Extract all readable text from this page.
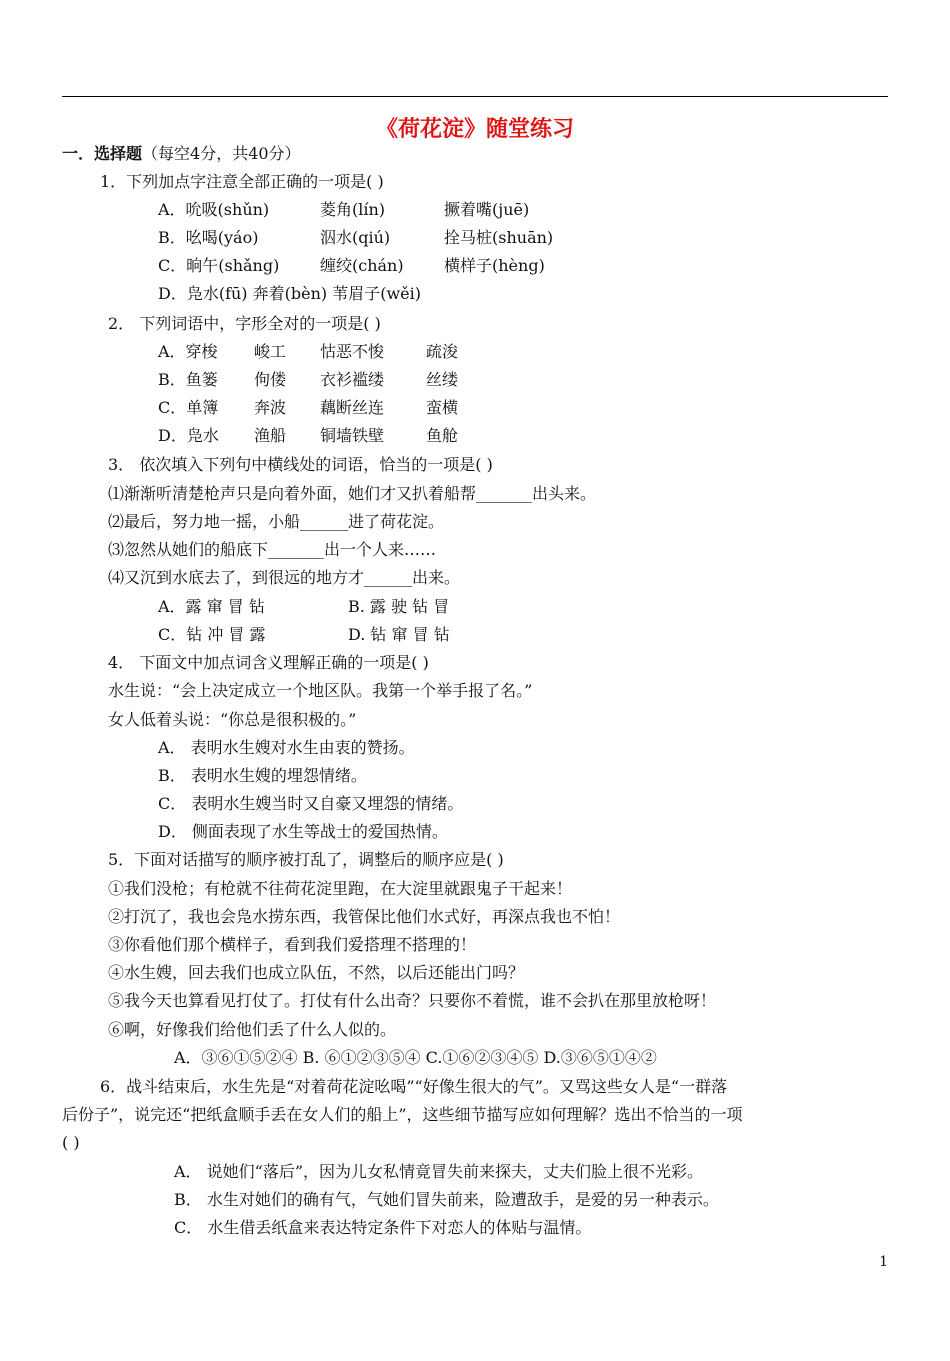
《荷花淀》随堂练习
一．选择题（每空4分，共40分）
1．下列加点字注意全部正确的一项是( )
A．吮吸(shǔn)	菱角(lín)	撅着嘴(juē)
B．吆喝(yáo)	泅水(qiú)	拴马桩(shuān)
C．晌午(shǎng)	缠绞(chán)	横样子(hèng)
D．凫水(fū) 奔着(bèn) 苇眉子(wěi)
2． 下列词语中，字形全对的一项是( )
A．穿梭 峻工 怙恶不悛	疏浚
B．鱼篓 佝偻 衣衫褴缕	丝缕
C．单簿 奔波 藕断丝连	蛮横
D．凫水 渔船 铜墙铁壁	鱼舱
3． 依次填入下列句中横线处的词语，恰当的一项是( )
⑴渐渐听清楚枪声只是向着外面，她们才又扒着船帮_______出头来。
⑵最后，努力地一摇，小船______进了荷花淀。
⑶忽然从她们的船底下_______出一个人来……
⑷又沉到水底去了，到很远的地方才______出来。
A．露 窜 冒 钻	B. 露 驶 钻 冒
C．钻 冲 冒 露	D. 钻 窜 冒 钻
4． 下面文中加点词含义理解正确的一项是( )
水生说：“会上决定成立一个地区队。我第一个举手报了名。”
女人低着头说：“你总是很积极的。”
A． 表明水生嫂对水生由衷的赞扬。
B． 表明水生嫂的埋怨情绪。
C． 表明水生嫂当时又自豪又埋怨的情绪。
D． 侧面表现了水生等战士的爱国热情。
5．下面对话描写的顺序被打乱了，调整后的顺序应是( )
①我们没枪；有枪就不往荷花淀里跑，在大淀里就跟鬼子干起来！
②打沉了，我也会凫水捞东西，我管保比他们水式好，再深点我也不怕！
③你看他们那个横样子，看到我们爱搭理不搭理的！
④水生嫂，回去我们也成立队伍，不然，以后还能出门吗？
⑤我今天也算看见打仗了。打仗有什么出奇？只要你不着慌，谁不会扒在那里放枪呀！
⑥啊，好像我们给他们丢了什么人似的。
A．③⑥①⑤②④ B. ⑥①②③⑤④ C.①⑥②③④⑤ D.③⑥⑤①④②
6．战斗结束后，水生先是“对着荷花淀吆喝”“好像生很大的气”。又骂这些女人是“一群落
后份子”，说完还“把纸盒顺手丢在女人们的船上”，这些细节描写应如何理解？选出不恰当的一项
( )
A． 说她们“落后”，因为儿女私情竟冒失前来探夫，丈夫们脸上很不光彩。
B． 水生对她们的确有气，气她们冒失前来，险遭敌手，是爱的另一种表示。
C． 水生借丢纸盒来表达特定条件下对恋人的体贴与温情。
1
